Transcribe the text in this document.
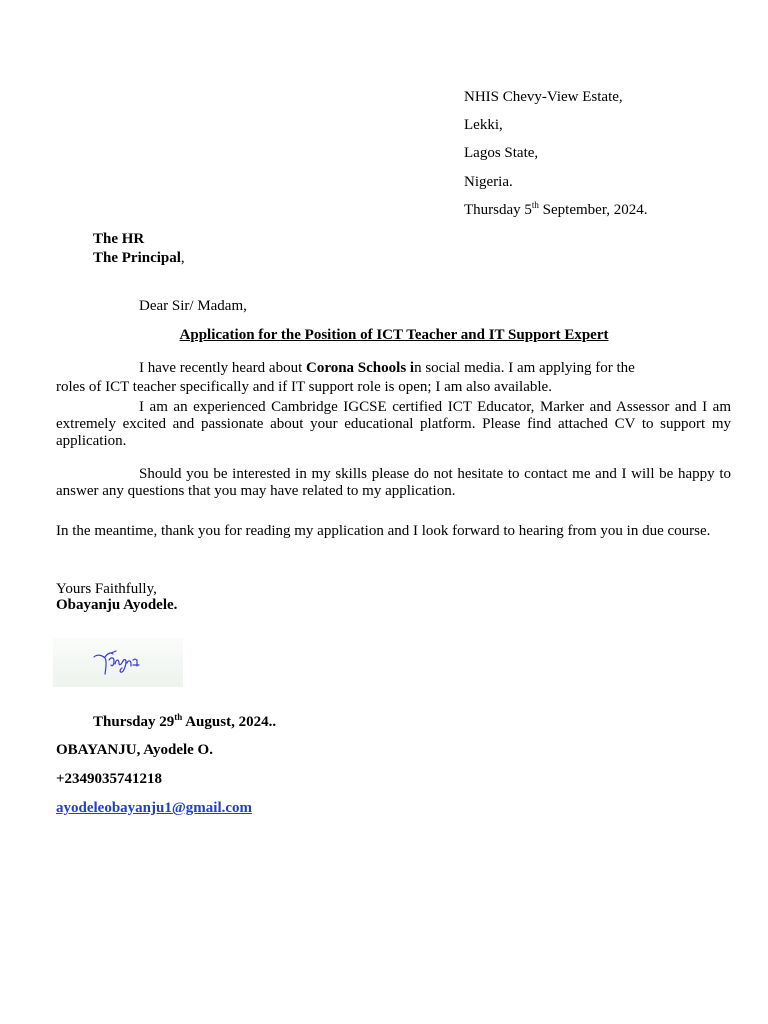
NHIS Chevy-View Estate,
Lekki,
Lagos State,
Nigeria.
Thursday 5th September, 2024.
The HR
The Principal,
Dear Sir/ Madam,
Application for the Position of ICT Teacher and IT Support Expert
I have recently heard about Corona Schools in social media. I am applying for the
roles of ICT teacher specifically and if IT support role is open; I am also available.
I am an experienced Cambridge IGCSE certified ICT Educator, Marker and Assessor and I am extremely excited and passionate about your educational platform. Please find attached CV to support my application.
Should you be interested in my skills please do not hesitate to contact me and I will be happy to answer any questions that you may have related to my application.
In the meantime, thank you for reading my application and I look forward to hearing from you in due course.
Yours Faithfully,
Obayanju Ayodele.
Thursday 29th August, 2024..
OBAYANJU, Ayodele O.
+2349035741218
ayodeleobayanju1@gmail.com
